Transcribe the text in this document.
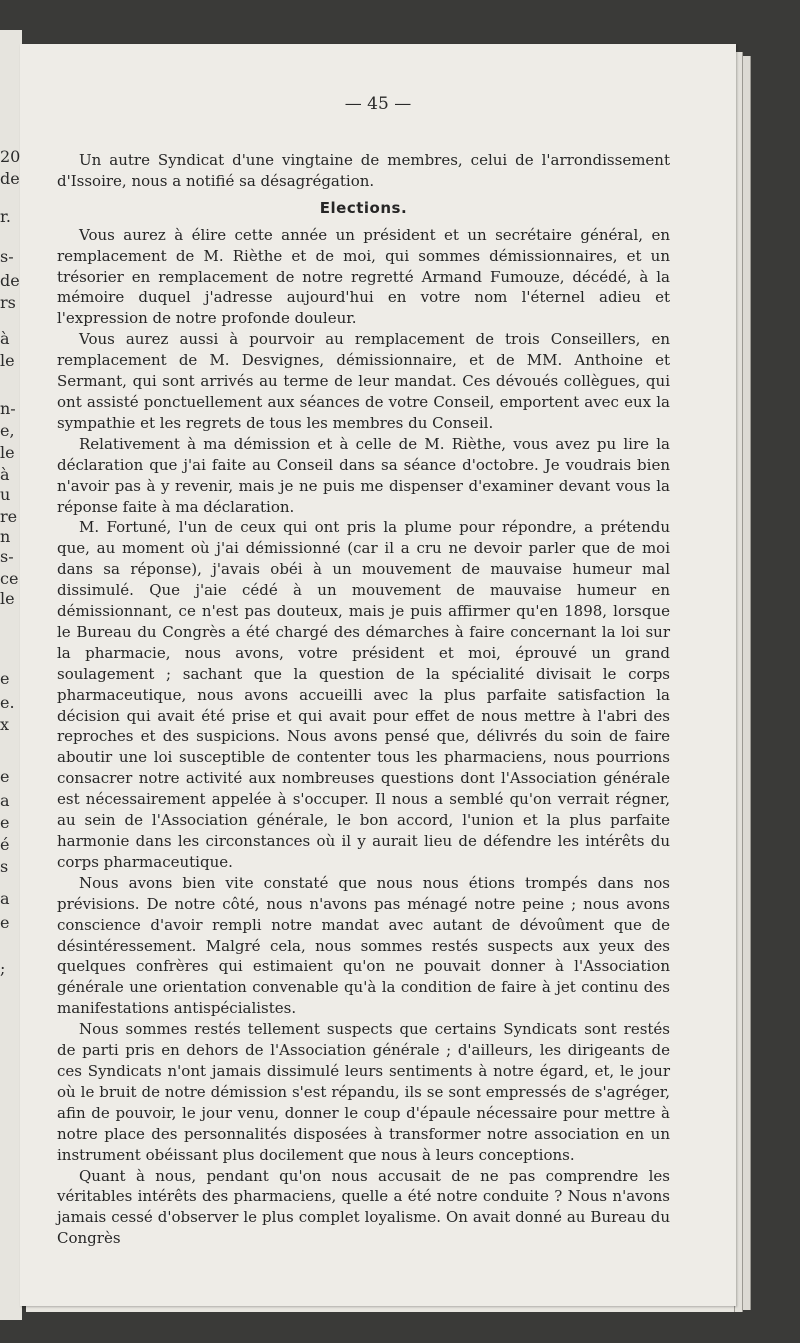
20
de
r.
s-
de
rs
à
le
n-
e,
le
à
u
re
n
s-
ce
le
e
e.
x
e
a
e
é
s
a
e
;
— 45 —

Un autre Syndicat d'une vingtaine de membres, celui de l'arrondissement d'Issoire, nous a notifié sa désagrégation.

Elections.

Vous aurez à élire cette année un président et un secrétaire général, en remplacement de M. Rièthe et de moi, qui sommes démissionnaires, et un trésorier en remplacement de notre regretté Armand Fumouze, décédé, à la mémoire duquel j'adresse aujourd'hui en votre nom l'éternel adieu et l'expression de notre profonde douleur.

Vous aurez aussi à pourvoir au remplacement de trois Conseillers, en remplacement de M. Desvignes, démissionnaire, et de MM. Anthoine et Sermant, qui sont arrivés au terme de leur mandat. Ces dévoués collègues, qui ont assisté ponctuellement aux séances de votre Conseil, emportent avec eux la sympathie et les regrets de tous les membres du Conseil.

Relativement à ma démission et à celle de M. Rièthe, vous avez pu lire la déclaration que j'ai faite au Conseil dans sa séance d'octobre. Je voudrais bien n'avoir pas à y revenir, mais je ne puis me dispenser d'examiner devant vous la réponse faite à ma déclaration.

M. Fortuné, l'un de ceux qui ont pris la plume pour répondre, a prétendu que, au moment où j'ai démissionné (car il a cru ne devoir parler que de moi dans sa réponse), j'avais obéi à un mouvement de mauvaise humeur mal dissimulé. Que j'aie cédé à un mouvement de mauvaise humeur en démissionnant, ce n'est pas douteux, mais je puis affirmer qu'en 1898, lorsque le Bureau du Congrès a été chargé des démarches à faire concernant la loi sur la pharmacie, nous avons, votre président et moi, éprouvé un grand soulagement ; sachant que la question de la spécialité divisait le corps pharmaceutique, nous avons accueilli avec la plus parfaite satisfaction la décision qui avait été prise et qui avait pour effet de nous mettre à l'abri des reproches et des suspicions. Nous avons pensé que, délivrés du soin de faire aboutir une loi susceptible de contenter tous les pharmaciens, nous pourrions consacrer notre activité aux nombreuses questions dont l'Association générale est nécessairement appelée à s'occuper. Il nous a semblé qu'on verrait régner, au sein de l'Association générale, le bon accord, l'union et la plus parfaite harmonie dans les circonstances où il y aurait lieu de défendre les intérêts du corps pharmaceutique.

Nous avons bien vite constaté que nous nous étions trompés dans nos prévisions. De notre côté, nous n'avons pas ménagé notre peine ; nous avons conscience d'avoir rempli notre mandat avec autant de dévoûment que de désintéressement. Malgré cela, nous sommes restés suspects aux yeux des quelques confrères qui estimaient qu'on ne pouvait donner à l'Association générale une orientation convenable qu'à la condition de faire à jet continu des manifestations antispécialistes.

Nous sommes restés tellement suspects que certains Syndicats sont restés de parti pris en dehors de l'Association générale ; d'ailleurs, les dirigeants de ces Syndicats n'ont jamais dissimulé leurs sentiments à notre égard, et, le jour où le bruit de notre démission s'est répandu, ils se sont empressés de s'agréger, afin de pouvoir, le jour venu, donner le coup d'épaule nécessaire pour mettre à notre place des personnalités disposées à transformer notre association en un instrument obéissant plus docilement que nous à leurs conceptions.

Quant à nous, pendant qu'on nous accusait de ne pas comprendre les véritables intérêts des pharmaciens, quelle a été notre conduite ? Nous n'avons jamais cessé d'observer le plus complet loyalisme. On avait donné au Bureau du Congrès
